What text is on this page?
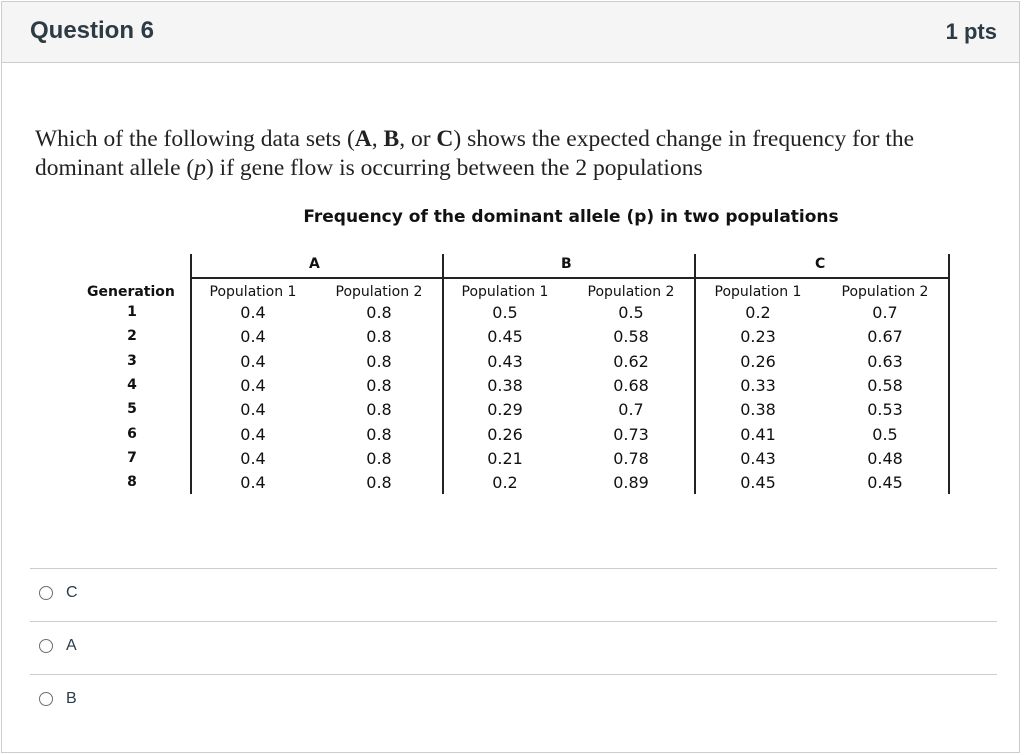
Question 6	1 pts
Which of the following data sets (A, B, or C) shows the expected change in frequency for the dominant allele (p) if gene flow is occurring between the 2 populations
Frequency of the dominant allele (p) in two populations
A	B	C
Generation	Population 1	Population 2	Population 1	Population 2	Population 1	Population 2
1	0.4	0.8	0.5	0.5	0.2	0.7
2	0.4	0.8	0.45	0.58	0.23	0.67
3	0.4	0.8	0.43	0.62	0.26	0.63
4	0.4	0.8	0.38	0.68	0.33	0.58
5	0.4	0.8	0.29	0.7	0.38	0.53
6	0.4	0.8	0.26	0.73	0.41	0.5
7	0.4	0.8	0.21	0.78	0.43	0.48
8	0.4	0.8	0.2	0.89	0.45	0.45
C
A
B
